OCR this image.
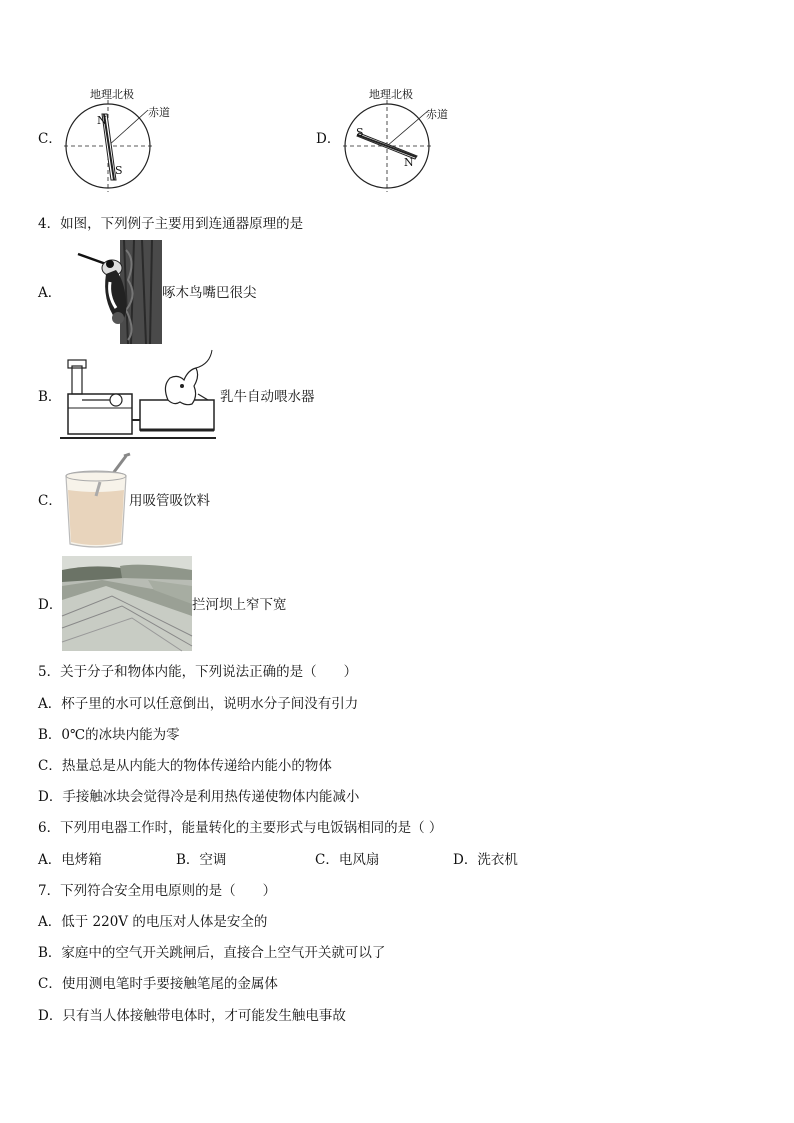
C．
地理北极
赤道
N
S
D．
地理北极
赤道
S
N
4．如图，下列例子主要用到连通器原理的是
A．	啄木鸟嘴巴很尖
B．	乳牛自动喂水器
C．	用吸管吸饮料
D．	拦河坝上窄下宽
5．关于分子和物体内能，下列说法正确的是（　　）
A．杯子里的水可以任意倒出，说明水分子间没有引力
B．0℃的冰块内能为零
C．热量总是从内能大的物体传递给内能小的物体
D．手接触冰块会觉得冷是利用热传递使物体内能减小
6．下列用电器工作时，能量转化的主要形式与电饭锅相同的是（ ）
A．电烤箱	B．空调	C．电风扇	D．洗衣机
7．下列符合安全用电原则的是（　　）
A．低于 220V 的电压对人体是安全的
B．家庭中的空气开关跳闸后，直接合上空气开关就可以了
C．使用测电笔时手要接触笔尾的金属体
D．只有当人体接触带电体时，才可能发生触电事故
